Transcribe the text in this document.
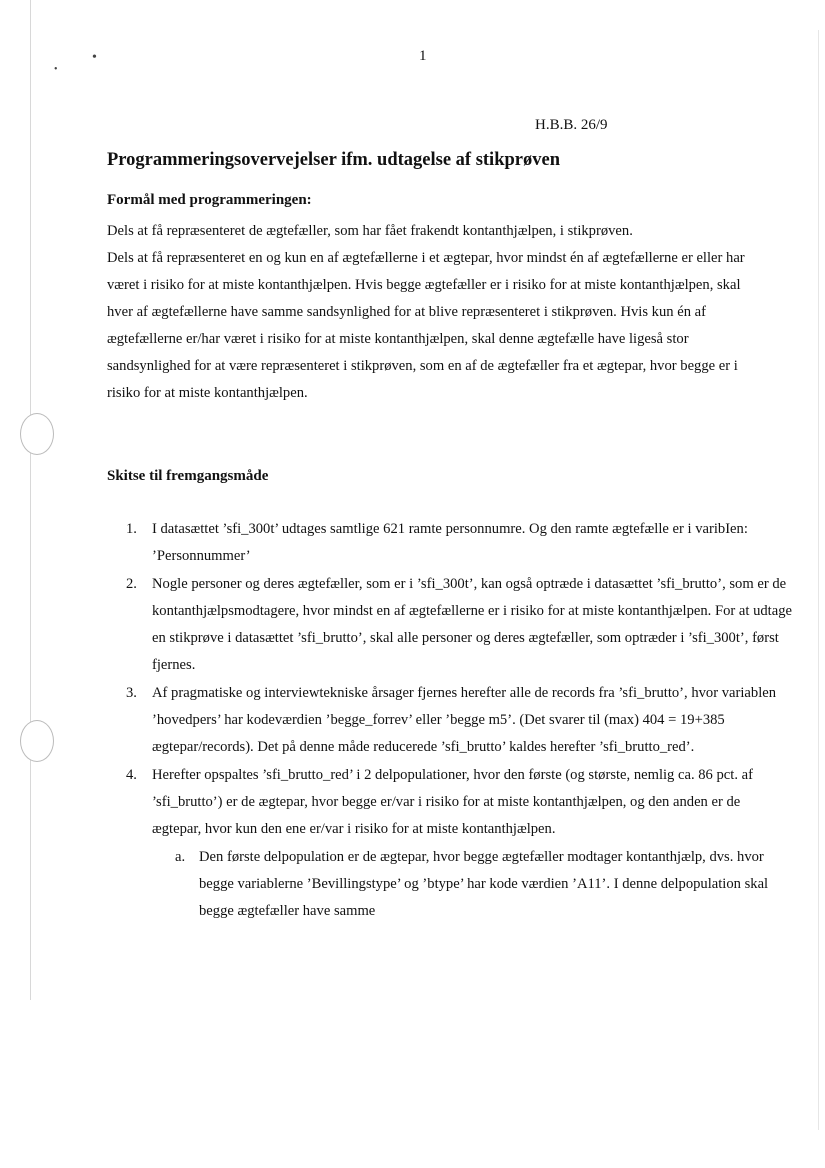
•
•
1
H.B.B. 26/9
Programmeringsovervejelser ifm. udtagelse af stikprøven
Formål med programmeringen:

Dels at få repræsenteret de ægtefæller, som har fået frakendt kontanthjælpen, i stikprøven.

Dels at få repræsenteret en og kun en af ægtefællerne i et ægtepar, hvor mindst én af ægtefællerne er eller har været i risiko for at miste kontanthjælpen. Hvis begge ægtefæller er i risiko for at miste kontanthjælpen, skal hver af ægtefællerne have samme sandsynlighed for at blive repræsenteret i stikprøven. Hvis kun én af ægtefællerne er/har været i risiko for at miste kontanthjælpen, skal denne ægtefælle have ligeså stor sandsynlighed for at være repræsenteret i stikprøven, som en af de ægtefæller fra et ægtepar, hvor begge er i risiko for at miste kontanthjælpen.

Skitse til fremgangsmåde
1. I datasættet ’sfi_300t’ udtages samtlige 621 ramte personnumre. Og den ramte ægtefælle er i varibIen: ’Personnummer’
2. Nogle personer og deres ægtefæller, som er i ’sfi_300t’, kan også optræde i datasættet ’sfi_brutto’, som er de kontanthjælpsmodtagere, hvor mindst en af ægtefællerne er i risiko for at miste kontanthjælpen. For at udtage en stikprøve i datasættet ’sfi_brutto’, skal alle personer og deres ægtefæller, som optræder i ’sfi_300t’, først fjernes.
3. Af pragmatiske og interviewtekniske årsager fjernes herefter alle de records fra ’sfi_brutto’, hvor variablen ’hovedpers’ har kodeværdien ’begge_forrev’ eller ’begge m5’. (Det svarer til (max) 404 = 19+385 ægtepar/records). Det på denne måde reducerede ’sfi_brutto’ kaldes herefter ’sfi_brutto_red’.
4. Herefter opspaltes ’sfi_brutto_red’ i 2 delpopulationer, hvor den første (og største, nemlig ca. 86 pct. af ’sfi_brutto’) er de ægtepar, hvor begge er/var i risiko for at miste kontanthjælpen, og den anden er de ægtepar, hvor kun den ene er/var i risiko for at miste kontanthjælpen.
a. Den første delpopulation er de ægtepar, hvor begge ægtefæller modtager kontanthjælp, dvs. hvor begge variablerne ’Bevillingstype’ og ’btype’ har kode værdien ’A11’. I denne delpopulation skal begge ægtefæller have samme
